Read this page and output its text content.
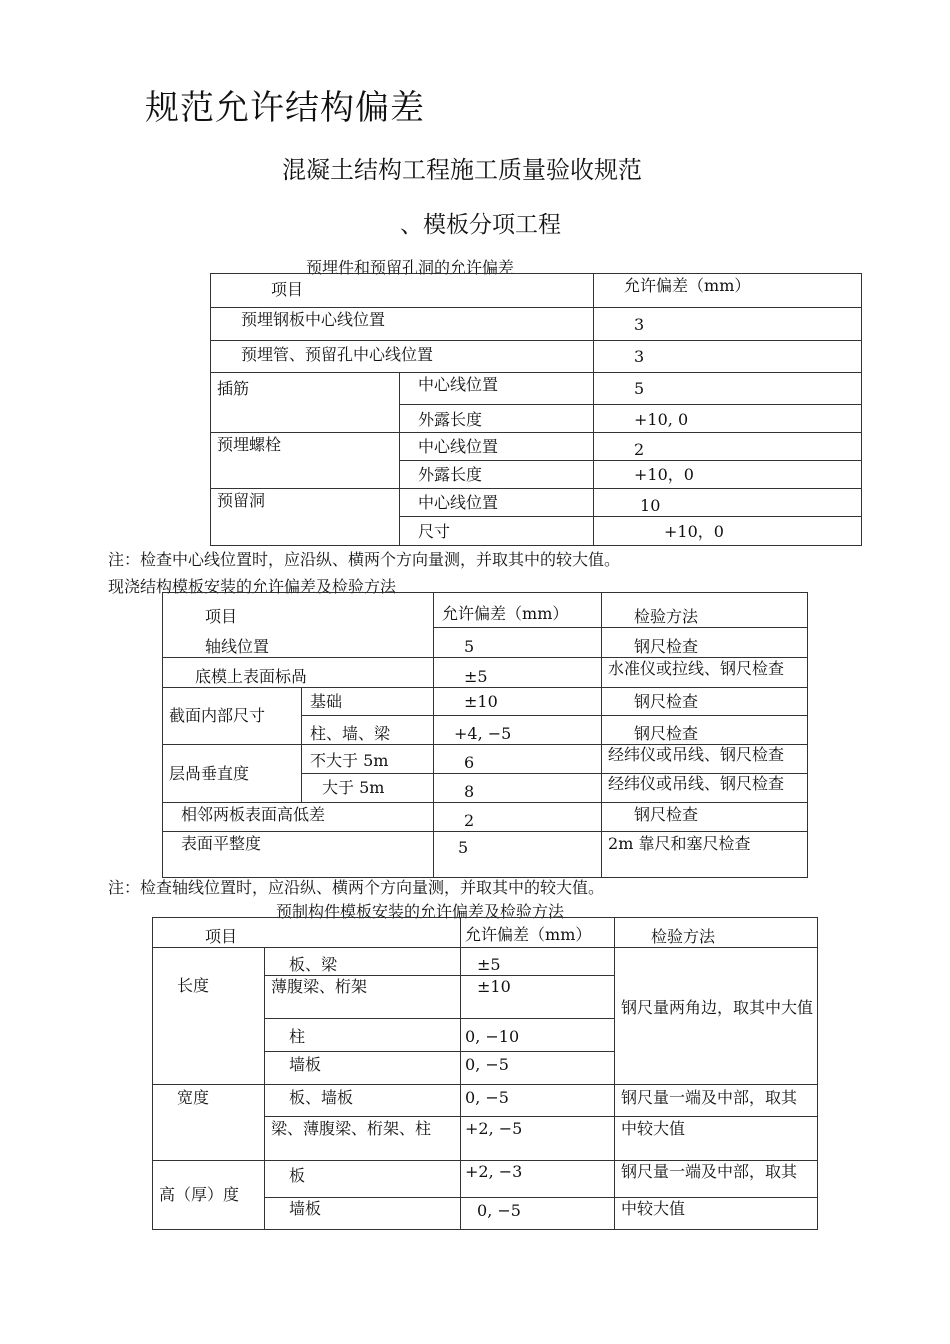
规范允许结构偏差
混凝土结构工程施工质量验收规范
、模板分项工程
预埋件和预留孔洞的允许偏差
项目		允许偏差（mm）
预埋钢板中心线位置		3
预埋管、预留孔中心线位置		3
插筋	中心线位置	5
	外露长度	+10, 0
预埋螺栓	中心线位置	2
	外露长度	+10，0
预留洞	中心线位置	10
	尺寸	+10，0
注：检查中心线位置时，应沿纵、横两个方向量测，并取其中的较大值。
现浇结构模板安装的允许偏差及检验方法
项目		允许偏差（mm）	检验方法
轴线位置		5	钢尺检查
底模上表面标咼		±5	水准仪或拉线、钢尺检查
截面内部尺寸	基础	±10	钢尺检查
	柱、墙、梁	+4, −5	钢尺检查
层咼垂直度	不大于 5m	6	经纬仪或吊线、钢尺检查
	大于 5m	8	经纬仪或吊线、钢尺检查
相邻两板表面高低差		2	钢尺检查
表面平整度		5	2m 靠尺和塞尺检查
注：检查轴线位置时，应沿纵、横两个方向量测，并取其中的较大值。
预制构件模板安装的允许偏差及检验方法
项目		允许偏差（mm）	检验方法
长度	板、梁	±5	钢尺量两角边，取其中大值
	薄腹梁、桁架	±10	
	柱	0, −10	
	墙板	0, −5	
宽度	板、墙板	0, −5	钢尺量一端及中部，取其
	梁、薄腹梁、桁架、柱	+2, −5	中较大值
高（厚）度	板	+2, −3	钢尺量一端及中部，取其
	墙板	0, −5	中较大值
